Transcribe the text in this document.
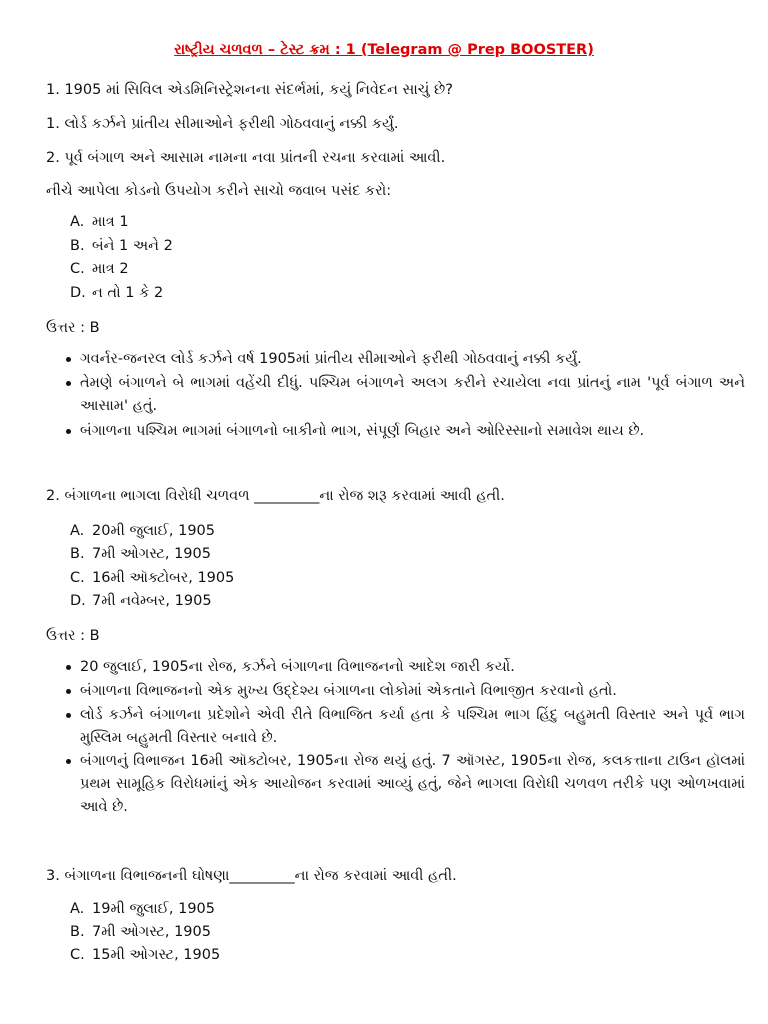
રાષ્ટ્રીય ચળવળ – ટેસ્ટ ક્રમ : 1 (Telegram @ Prep BOOSTER)
1. 1905 માં સિવિલ એડમિનિસ્ટ્રેશનના સંદર્ભમાં, કયું નિવેદન સાચું છે?
1. લોર્ડ કર્ઝને પ્રાંતીય સીમાઓને ફરીથી ગોઠવવાનું નક્કી કર્યું.
2. પૂર્વ બંગાળ અને આસામ નામના નવા પ્રાંતની રચના કરવામાં આવી.
નીચે આપેલા કોડનો ઉપયોગ કરીને સાચો જવાબ પસંદ કરો:
A. માત્ર 1
B. બંને 1 અને 2
C. માત્ર 2
D. ન તો 1 કે 2
ઉત્તર : B
ગવર્નર-જનરલ લોર્ડ કર્ઝને વર્ષ 1905માં પ્રાંતીય સીમાઓને ફરીથી ગોઠવવાનું નક્કી કર્યું.
તેમણે બંગાળને બે ભાગમાં વહેંચી દીધું. પશ્ચિમ બંગાળને અલગ કરીને રચાયેલા નવા પ્રાંતનું નામ 'પૂર્વ બંગાળ અને આસામ' હતું.
બંગાળના પશ્ચિમ ભાગમાં બંગાળનો બાકીનો ભાગ, સંપૂર્ણ બિહાર અને ઓરિસ્સાનો સમાવેશ થાય છે.
2. બંગાળના ભાગલા વિરોધી ચળવળ _________ના રોજ શરૂ કરવામાં આવી હતી.
A. 20મી જુલાઈ, 1905
B. 7મી ઓગસ્ટ, 1905
C. 16મી ઑક્ટોબર, 1905
D. 7મી નવેમ્બર, 1905
ઉત્તર : B
20 જુલાઈ, 1905ના રોજ, કર્ઝને બંગાળના વિભાજનનો આદેશ જારી કર્યો.
બંગાળના વિભાજનનો એક મુખ્ય ઉદ્દેશ્ય બંગાળના લોકોમાં એકતાને વિભાજીત કરવાનો હતો.
લોર્ડ કર્ઝને બંગાળના પ્રદેશોને એવી રીતે વિભાજિત કર્યા હતા કે પશ્ચિમ ભાગ હિંદુ બહુમતી વિસ્તાર અને પૂર્વ ભાગ મુસ્લિમ બહુમતી વિસ્તાર બનાવે છે.
બંગાળનું વિભાજન 16મી ઑક્ટોબર, 1905ના રોજ થયું હતું. 7 ઑગસ્ટ, 1905ના રોજ, કલકત્તાના ટાઉન હૉલમાં પ્રથમ સામૂહિક વિરોધમાંનું એક આયોજન કરવામાં આવ્યું હતું, જેને ભાગલા વિરોધી ચળવળ તરીકે પણ ઓળખવામાં આવે છે.
3. બંગાળના વિભાજનની ઘોષણા_________ના રોજ કરવામાં આવી હતી.
A. 19મી જુલાઈ, 1905
B. 7મી ઓગસ્ટ, 1905
C. 15મી ઓગસ્ટ, 1905
